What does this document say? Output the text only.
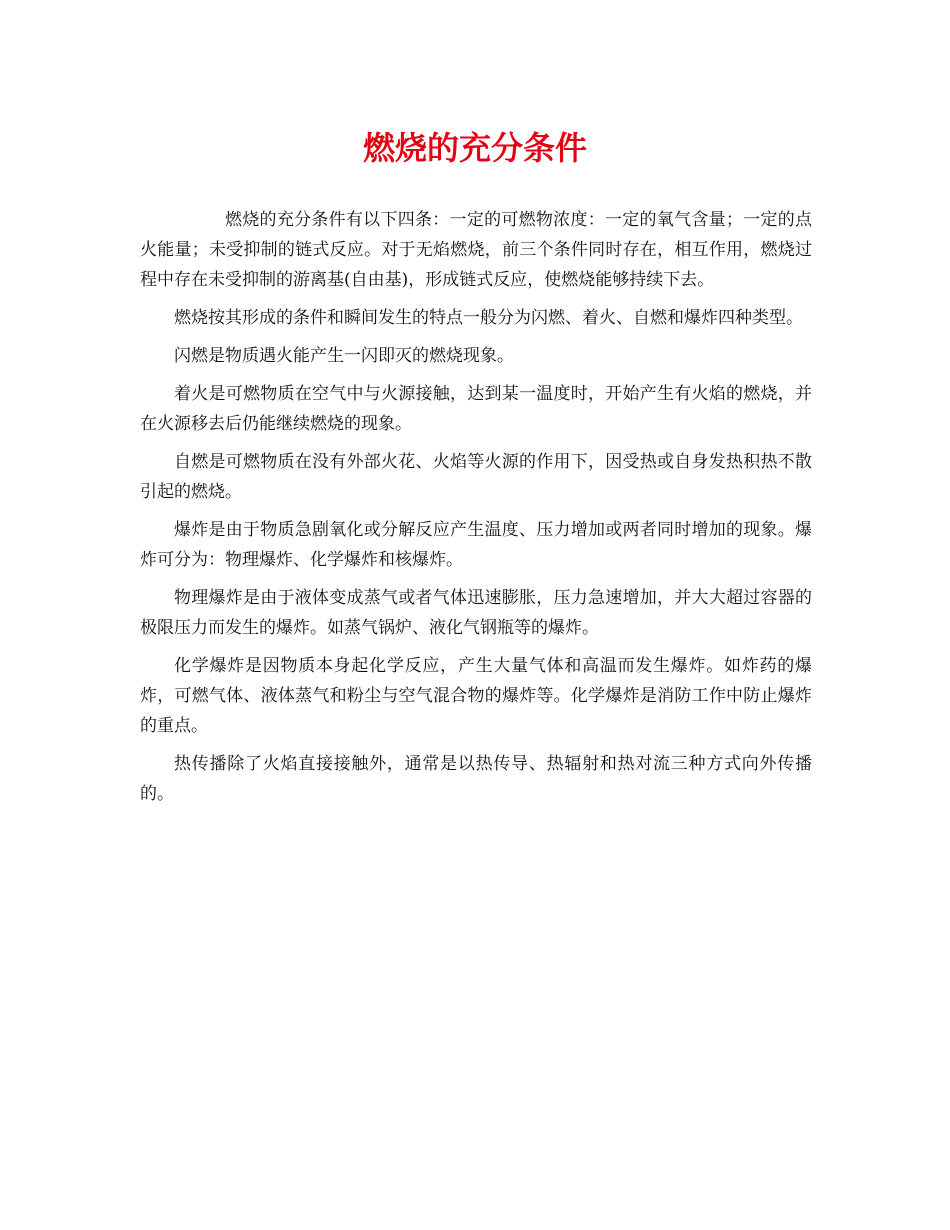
燃烧的充分条件

燃烧的充分条件有以下四条：一定的可燃物浓度：一定的氧气含量；一定的点火能量；未受抑制的链式反应。对于无焰燃烧，前三个条件同时存在，相互作用，燃烧过程中存在未受抑制的游离基(自由基)，形成链式反应，使燃烧能够持续下去。

燃烧按其形成的条件和瞬间发生的特点一般分为闪燃、着火、自燃和爆炸四种类型。

闪燃是物质遇火能产生一闪即灭的燃烧现象。

着火是可燃物质在空气中与火源接触，达到某一温度时，开始产生有火焰的燃烧，并在火源移去后仍能继续燃烧的现象。

自燃是可燃物质在没有外部火花、火焰等火源的作用下，因受热或自身发热积热不散引起的燃烧。

爆炸是由于物质急剧氧化或分解反应产生温度、压力增加或两者同时增加的现象。爆炸可分为：物理爆炸、化学爆炸和核爆炸。

物理爆炸是由于液体变成蒸气或者气体迅速膨胀，压力急速增加，并大大超过容器的极限压力而发生的爆炸。如蒸气锅炉、液化气钢瓶等的爆炸。

化学爆炸是因物质本身起化学反应，产生大量气体和高温而发生爆炸。如炸药的爆炸，可燃气体、液体蒸气和粉尘与空气混合物的爆炸等。化学爆炸是消防工作中防止爆炸的重点。

热传播除了火焰直接接触外，通常是以热传导、热辐射和热对流三种方式向外传播的。
